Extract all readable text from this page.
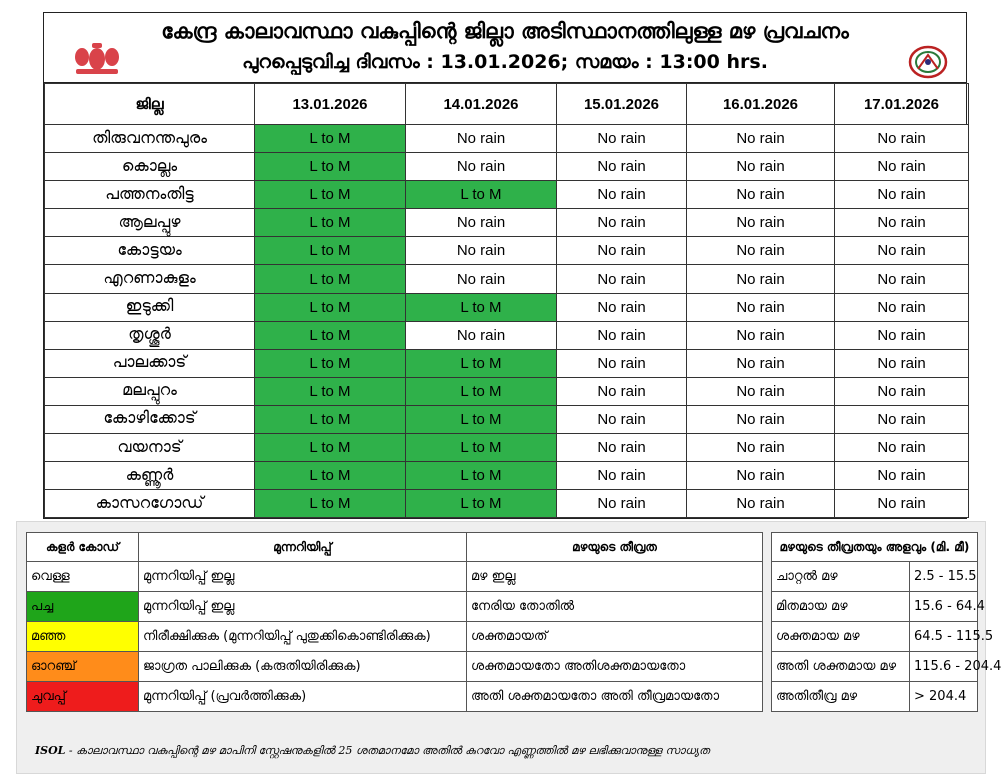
കേന്ദ്ര കാലാവസ്ഥാ വകുപ്പിന്റെ ജില്ലാ അടിസ്ഥാനത്തിലുള്ള മഴ പ്രവചനം
പുറപ്പെടുവിച്ച ദിവസം : 13.01.2026; സമയം : 13:00 hrs.
ജില്ല	13.01.2026	14.01.2026	15.01.2026	16.01.2026	17.01.2026
തിരുവനന്തപുരം	L to M	No rain	No rain	No rain	No rain
കൊല്ലം	L to M	No rain	No rain	No rain	No rain
പത്തനംതിട്ട	L to M	L to M	No rain	No rain	No rain
ആലപ്പുഴ	L to M	No rain	No rain	No rain	No rain
കോട്ടയം	L to M	No rain	No rain	No rain	No rain
എറണാകുളം	L to M	No rain	No rain	No rain	No rain
ഇടുക്കി	L to M	L to M	No rain	No rain	No rain
തൃശ്ശൂർ	L to M	No rain	No rain	No rain	No rain
പാലക്കാട്	L to M	L to M	No rain	No rain	No rain
മലപ്പുറം	L to M	L to M	No rain	No rain	No rain
കോഴിക്കോട്	L to M	L to M	No rain	No rain	No rain
വയനാട്	L to M	L to M	No rain	No rain	No rain
കണ്ണൂർ	L to M	L to M	No rain	No rain	No rain
കാസറഗോഡ്	L to M	L to M	No rain	No rain	No rain
കളർ കോഡ്	മുന്നറിയിപ്പ്	മഴയുടെ തീവ്രത
വെള്ള	മുന്നറിയിപ്പ് ഇല്ല	മഴ ഇല്ല
പച്ച	മുന്നറിയിപ്പ് ഇല്ല	നേരിയ തോതിൽ
മഞ്ഞ	നിരീക്ഷിക്കുക (മുന്നറിയിപ്പ് പുതുക്കികൊണ്ടിരിക്കുക)	ശക്തമായത്
ഓറഞ്ച്	ജാഗ്രത പാലിക്കുക (കരുതിയിരിക്കുക)	ശക്തമായതോ അതിശക്തമായതോ
ചുവപ്പ്	മുന്നറിയിപ്പ് (പ്രവർത്തിക്കുക)	അതി ശക്തമായതോ അതി തീവ്രമായതോ
മഴയുടെ തീവ്രതയും അളവും (മി. മീ)	
ചാറ്റൽ മഴ	2.5 - 15.5
മിതമായ മഴ	15.6 - 64.4
ശക്തമായ മഴ	64.5 - 115.5
അതി ശക്തമായ മഴ	115.6 - 204.4
അതിതീവ്ര മഴ	> 204.4
ISOL - കാലാവസ്ഥാ വകുപ്പിന്റെ മഴ മാപിനി സ്റ്റേഷനുകളിൽ 25 ശതമാനമോ അതിൽ കുറവോ എണ്ണത്തിൽ മഴ ലഭിക്കുവാനുള്ള സാധ്യത
